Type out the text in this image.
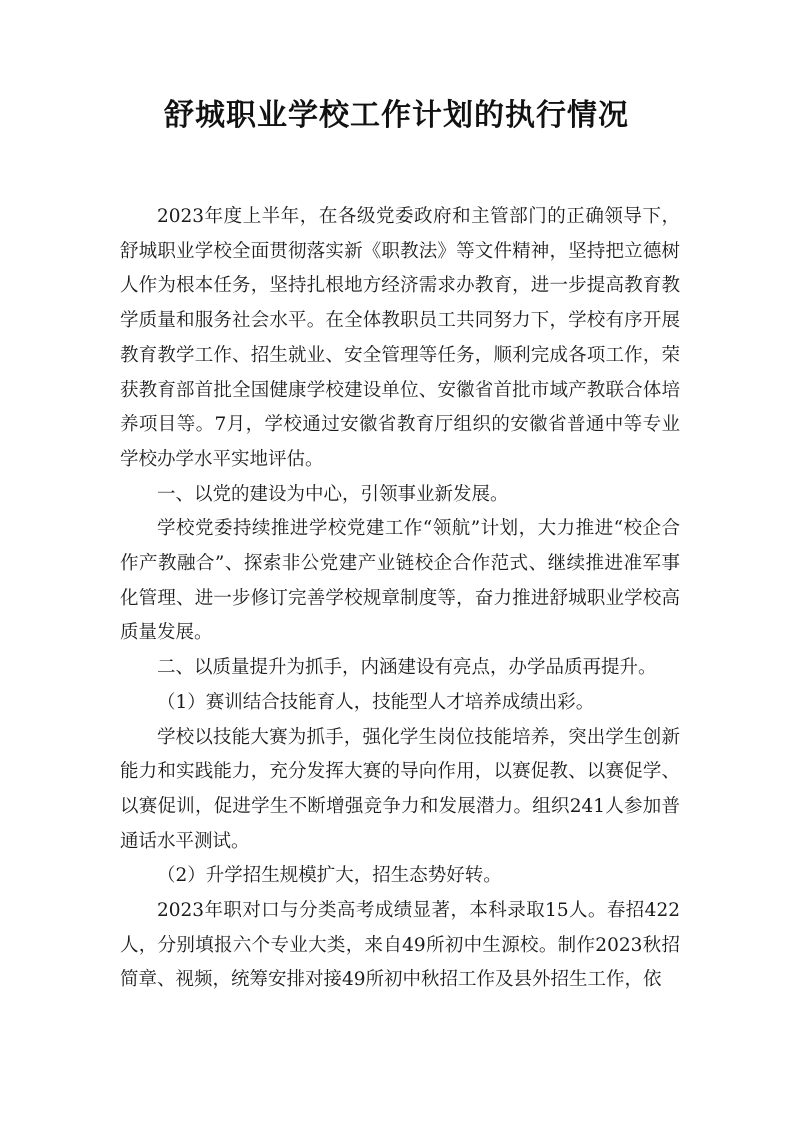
舒城职业学校工作计划的执行情况

2023年度上半年，在各级党委政府和主管部门的正确领导下，舒城职业学校全面贯彻落实新《职教法》等文件精神，坚持把立德树人作为根本任务，坚持扎根地方经济需求办教育，进一步提高教育教学质量和服务社会水平。在全体教职员工共同努力下，学校有序开展教育教学工作、招生就业、安全管理等任务，顺利完成各项工作，荣获教育部首批全国健康学校建设单位、安徽省首批市域产教联合体培养项目等。7月，学校通过安徽省教育厅组织的安徽省普通中等专业学校办学水平实地评估。

一、以党的建设为中心，引领事业新发展。

学校党委持续推进学校党建工作“领航”计划，大力推进“校企合作产教融合”、探索非公党建产业链校企合作范式、继续推进准军事化管理、进一步修订完善学校规章制度等，奋力推进舒城职业学校高质量发展。

二、以质量提升为抓手，内涵建设有亮点，办学品质再提升。

（1）赛训结合技能育人，技能型人才培养成绩出彩。

学校以技能大赛为抓手，强化学生岗位技能培养，突出学生创新能力和实践能力，充分发挥大赛的导向作用，以赛促教、以赛促学、以赛促训，促进学生不断增强竞争力和发展潜力。组织241人参加普通话水平测试。

（2）升学招生规模扩大，招生态势好转。

2023年职对口与分类高考成绩显著，本科录取15人。春招422人，分别填报六个专业大类，来自49所初中生源校。制作2023秋招简章、视频，统筹安排对接49所初中秋招工作及县外招生工作，依
